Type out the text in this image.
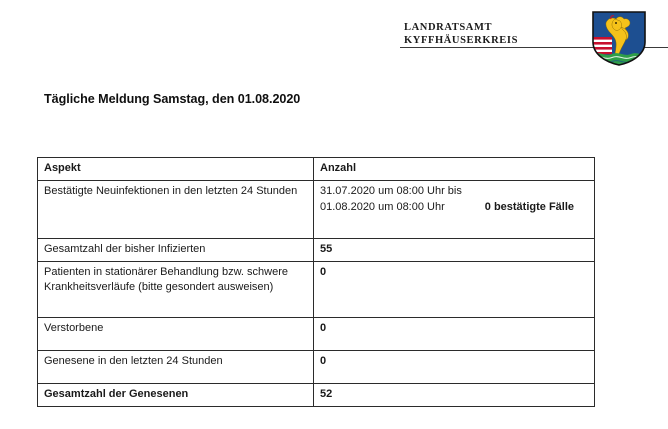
LANDRATSAMT
KYFFHÄUSERKREIS
Tägliche Meldung Samstag, den 01.08.2020
Aspekt	Anzahl
Bestätigte Neuinfektionen in den letzten 24 Stunden	31.07.2020 um 08:00 Uhr bis
01.08.2020 um 08:00 Uhr 0 bestätigte Fälle

Gesamtzahl der bisher Infizierten	55
Patienten in stationärer Behandlung bzw. schwere Krankheitsverläufe (bitte gesondert ausweisen)	0
Verstorbene	0
Genesene in den letzten 24 Stunden	0
Gesamtzahl der Genesenen	52
